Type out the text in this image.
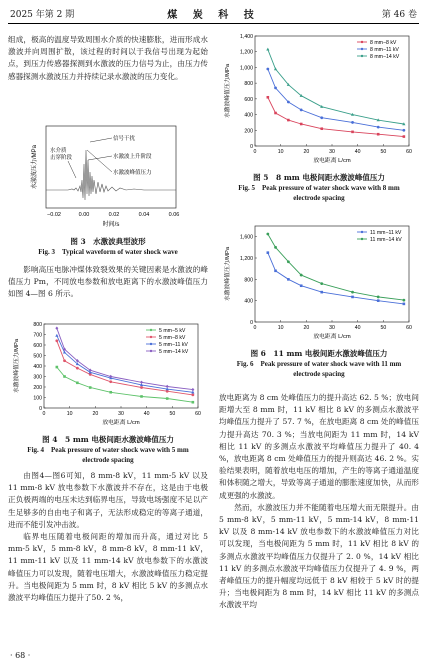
2025 年第 2 期	煤 炭 科 技	第 46 卷

组成，极高的温度导致周围水介质的快速膨胀，进而形成水激波并向周围扩散，该过程的时间以于我信号出现为起始点，到压力传感器探测到水激波的压力信号为止，由压力传感器探测水激波压力并持续记录水激波的压力变化。

信号干扰
水激波上升阶段
水激波峰值压力
水介质
击穿阶段
−0.02	0.00	0.02	0.04	0.06
时间/s
水激波压力/MPa
图 3　水激波典型波形
Fig. 3　Typical waveform of water shock wave

影响高压电脉冲煤体致裂效果的关键因素是水激波的峰值压力 Pm，不同放电参数和放电距离下的水激波峰值压力如图 4—图 6 所示。

0
100
200
300
400
500
600
700
800
0	10	20	30	40	50	60
放电距离 L/cm
水激波峰值压力/MPa
5 mm−5 kV
5 mm−8 kV
5 mm−11 kV
5 mm−14 kV
图 4　5 mm 电极间距水激波峰值压力
Fig. 4　Peak pressure of water shock wave with 5 mm electrode spacing

由图4—图6可知，8 mm-8 kV，11 mm-5 kV 以及 11 mm-8 kV 放电参数下水激波并不存在，这是由于电极正负极两端的电压未达到临界电压，导致电场强度不足以产生足够多的自由电子和离子，无法形成稳定的等离子通道，进而不能引发冲击波。

临界电压随着电极间距的增加而升高，通过对比 5 mm-5 kV，5 mm-8 kV，8 mm-8 kV，8 mm-11 kV，11 mm-11 kV 以及 11 mm-14 kV 放电参数下的水激波峰值压力可以发现，随着电压增大，水激波峰值压力稳定提升。当电极间距为 5 mm 时，8 kV 相比 5 kV 的多测点水激波平均峰值压力提升了50. 2 %，

0
200
400
600
800
1,000
1,200
1,400
0	10	20	30	40	50	60
放电距离 L/cm
水激波峰值压力/MPa
8 mm−8 kV
8 mm−11 kV
8 mm−14 kV
图 5　8 mm 电极间距水激波峰值压力
Fig. 5　Peak pressure of water shock wave with 8 mm electrode spacing
0
400
800
1,200
1,600
0	10	20	30	40	50	60
放电距离 L/cm
水激波峰值压力/MPa
11 mm−11 kV
11 mm−14 kV
图 6　11 mm 电极间距水激波峰值压力
Fig. 6　Peak pressure of water shock wave with 11 mm electrode spacing

放电距离为 8 cm 处峰值压力的提升高达 62. 5 %；放电间距增大至 8 mm 时，11 kV 相比 8 kV 的多测点水激波平均峰值压力提升了 57. 7 %，在放电距离 8 cm 处的峰值压力提升高达 70. 3 %；当放电间距为 11 mm 时，14 kV 相比 11 kV 的多测点水激波平均峰值压力提升了 40. 4 %，放电距离 8 cm 处峰值压力的提升则高达 46. 2 %。实验结果表明，随着放电电压的增加，产生的等离子通道温度和体积随之增大，导致等离子通道的膨胀速度加快，从而形成更强的水激波。

然而，水激波压力并不能随着电压增大而无限提升。由 5 mm-8 kV，5 mm-11 kV，5 mm-14 kV，8 mm-11 kV 以及 8 mm-14 kV 放电参数下的水激波峰值压力对比可以发现，当电极间距为 5 mm 时，11 kV 相比 8 kV 的多测点水激波平均峰值压力仅提升了 2. 0 %，14 kV 相比 11 kV 的多测点水激波平均峰值压力仅提升了 4. 9 %，两者峰值压力的提升幅度均远低于 8 kV 相较于 5 kV 时的提升；当电极间距为 8 mm 时，14 kV 相比 11 kV 的多测点水激波平均

· 68 ·
